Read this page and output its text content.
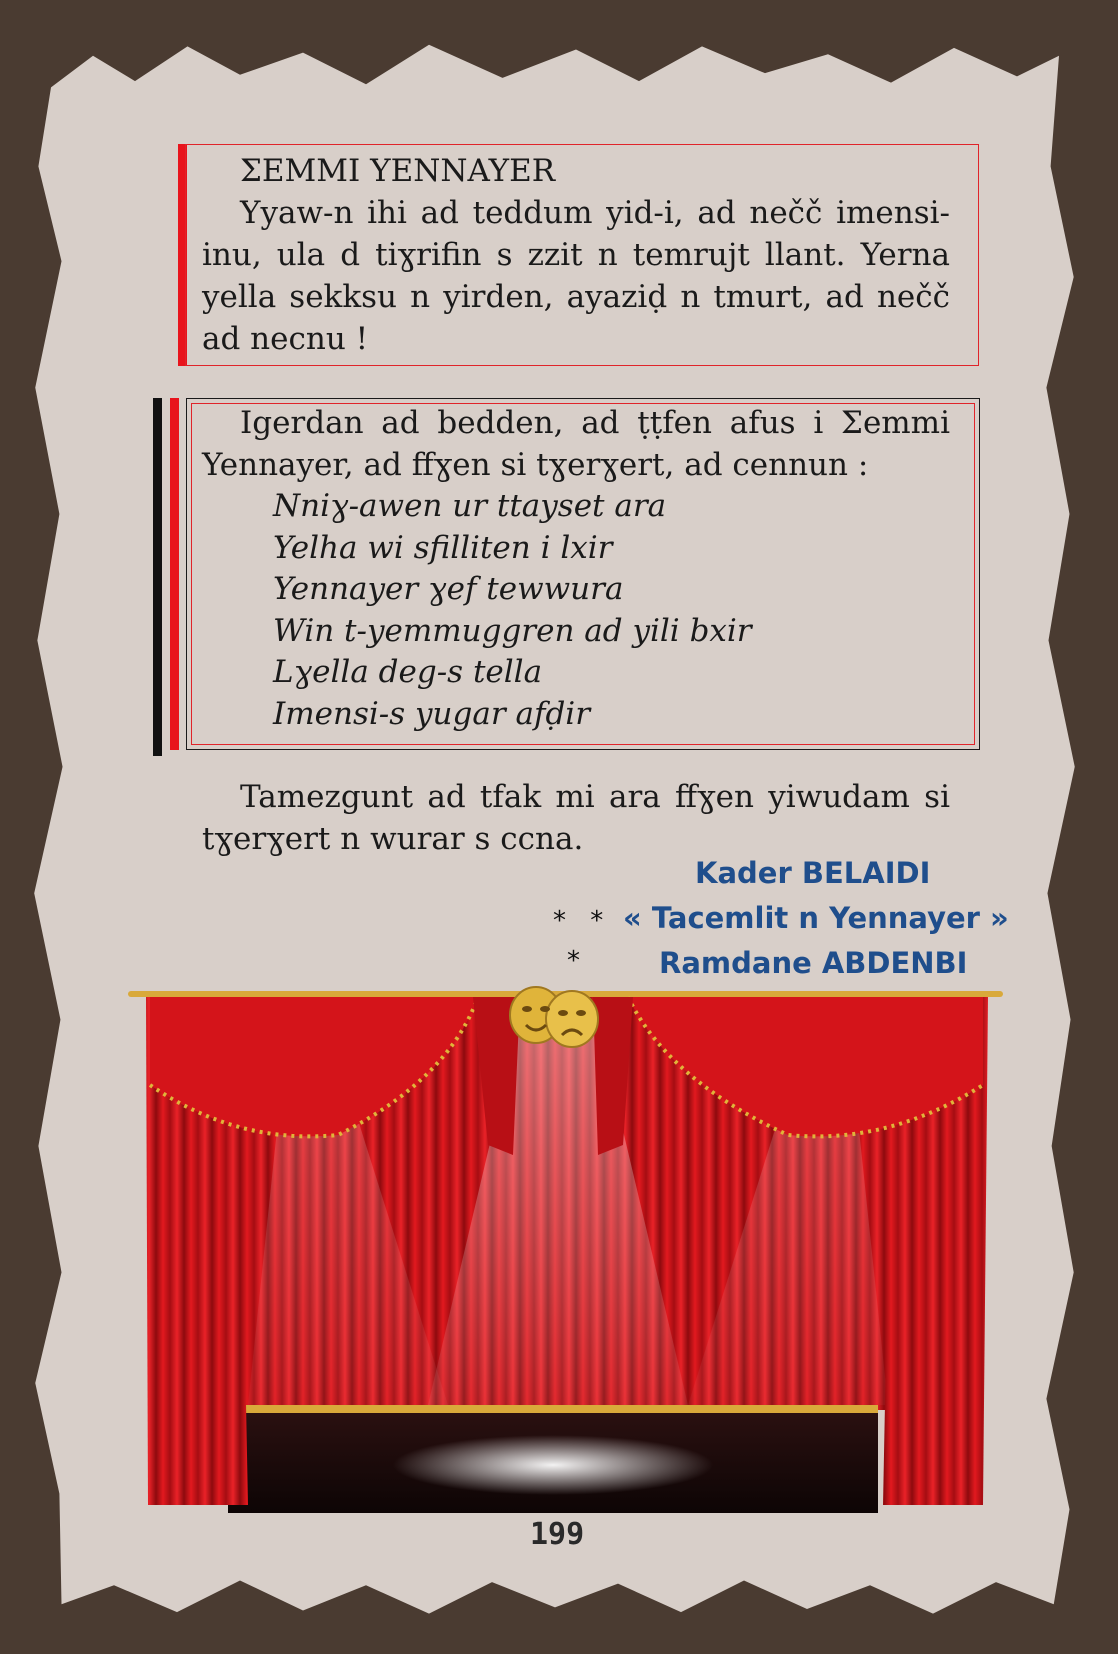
ΣEMMI YENNAYER

Yyaw-n ihi ad teddum yid-i, ad nečč imensi-inu, ula d tiɣrifin s zzit n temrujt llant. Yerna yella sekksu n yirden, ayaziḍ n tmurt, ad nečč ad necnu !

Igerdan ad bedden, ad ṭṭfen afus i Σemmi Yennayer, ad ffɣen si tɣerɣert, ad cennun :

Nniɣ-awen ur ttayset ara
Yelha wi sfilliten i lxir
Yennayer ɣef tewwura
Win t-yemmuggren ad yili bxir
Lɣella deg-s tella
Imensi-s yugar afḍir

Tamezgunt ad tfak mi ara ffɣen yiwudam si tɣerɣert n wurar s ccna.

Kader BELAIDI
* * « Tacemlit n Yennayer »
*	Ramdane ABDENBI
199
